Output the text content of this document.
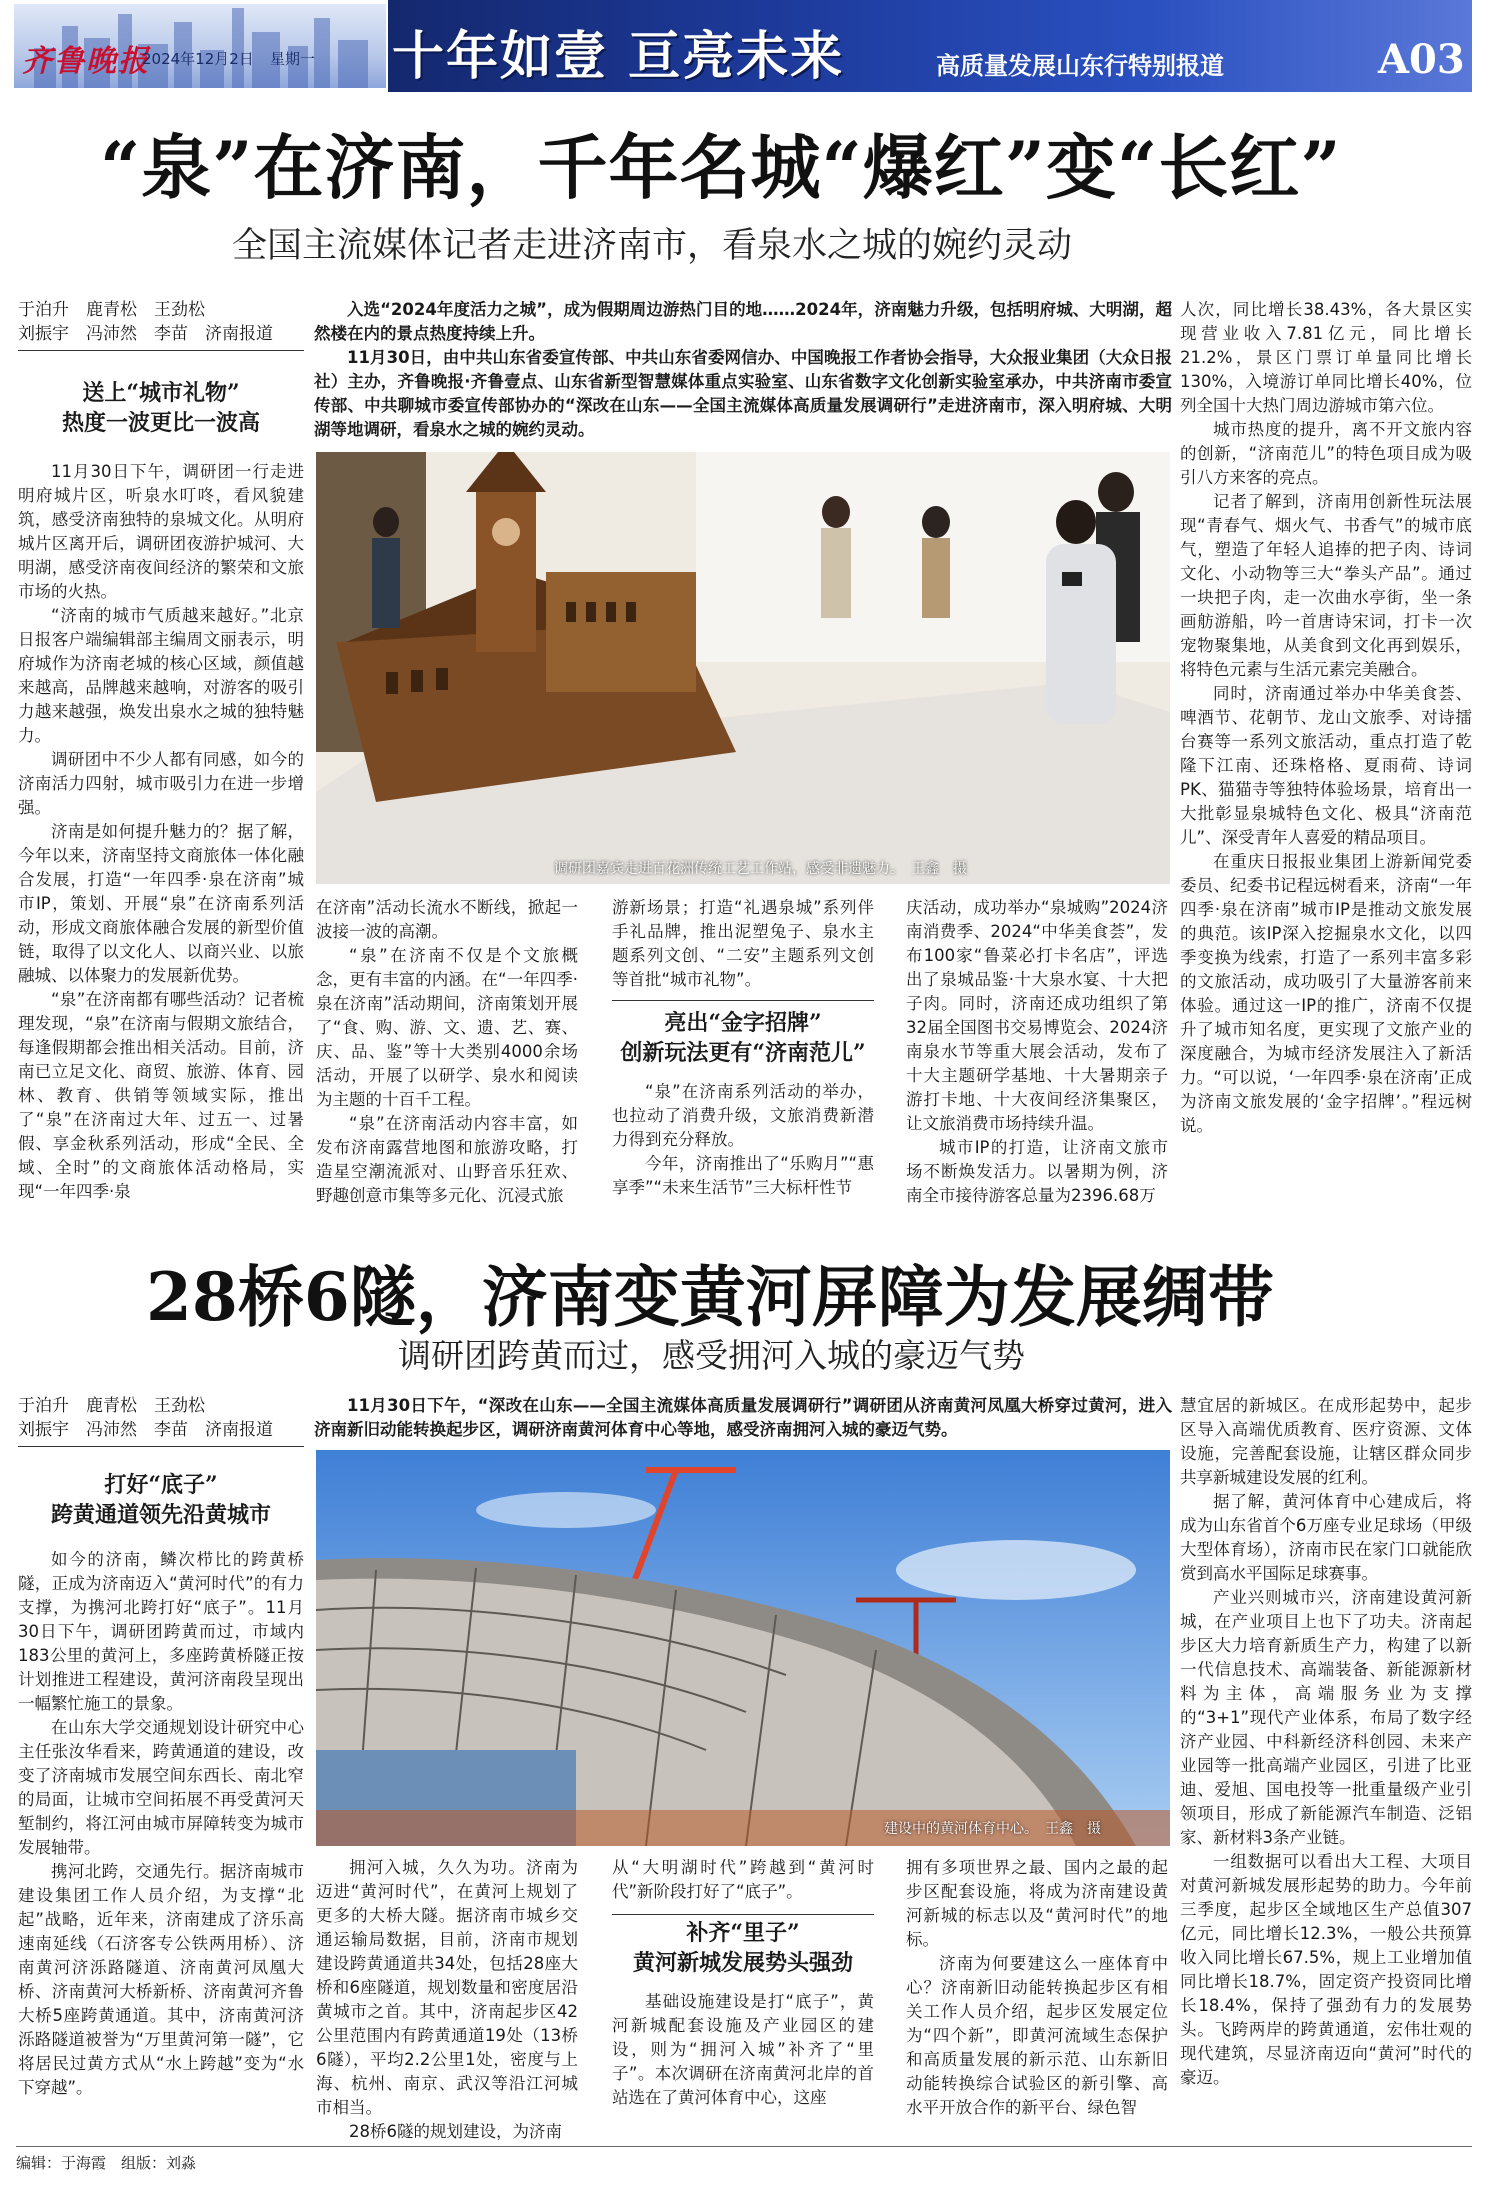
齐鲁晚报
2024年12月2日 星期一 十年如壹 亘亮未来	高质量发展山东行特别报道	A03
“泉”在济南，千年名城“爆红”变“长红”
全国主流媒体记者走进济南市，看泉水之城的婉约灵动
于泊升　鹿青松　王劲松
刘振宇　冯沛然　李苗　济南报道
送上“城市礼物”
热度一波更比一波高

11月30日下午，调研团一行走进明府城片区，听泉水叮咚，看风貌建筑，感受济南独特的泉城文化。从明府城片区离开后，调研团夜游护城河、大明湖，感受济南夜间经济的繁荣和文旅市场的火热。

“济南的城市气质越来越好。”北京日报客户端编辑部主编周文丽表示，明府城作为济南老城的核心区域，颜值越来越高，品牌越来越响，对游客的吸引力越来越强，焕发出泉水之城的独特魅力。

调研团中不少人都有同感，如今的济南活力四射，城市吸引力在进一步增强。

济南是如何提升魅力的？据了解，今年以来，济南坚持文商旅体一体化融合发展，打造“一年四季·泉在济南”城市IP，策划、开展“泉”在济南系列活动，形成文商旅体融合发展的新型价值链，取得了以文化人、以商兴业、以旅融城、以体聚力的发展新优势。

“泉”在济南都有哪些活动？记者梳理发现，“泉”在济南与假期文旅结合，每逢假期都会推出相关活动。目前，济南已立足文化、商贸、旅游、体育、园林、教育、供销等领域实际，推出了“泉”在济南过大年、过五一、过暑假、享金秋系列活动，形成“全民、全域、全时”的文商旅体活动格局，实现“一年四季·泉

入选“2024年度活力之城”，成为假期周边游热门目的地……2024年，济南魅力升级，包括明府城、大明湖，超然楼在内的景点热度持续上升。

11月30日，由中共山东省委宣传部、中共山东省委网信办、中国晚报工作者协会指导，大众报业集团（大众日报社）主办，齐鲁晚报·齐鲁壹点、山东省新型智慧媒体重点实验室、山东省数字文化创新实验室承办，中共济南市委宣传部、中共聊城市委宣传部协办的“深改在山东——全国主流媒体高质量发展调研行”走进济南市，深入明府城、大明湖等地调研，看泉水之城的婉约灵动。

调研团嘉宾走进百花洲传统工艺工作站，感受非遗魅力。　王鑫　摄

在济南”活动长流水不断线，掀起一波接一波的高潮。

“泉”在济南不仅是个文旅概念，更有丰富的内涵。在“一年四季·泉在济南”活动期间，济南策划开展了“食、购、游、文、遗、艺、赛、庆、品、鉴”等十大类别4000余场活动，开展了以研学、泉水和阅读为主题的十百千工程。

“泉”在济南活动内容丰富，如发布济南露营地图和旅游攻略，打造星空潮流派对、山野音乐狂欢、野趣创意市集等多元化、沉浸式旅

游新场景；打造“礼遇泉城”系列伴手礼品牌，推出泥塑兔子、泉水主题系列文创、“二安”主题系列文创等首批“城市礼物”。

亮出“金字招牌”
创新玩法更有“济南范儿”

“泉”在济南系列活动的举办，也拉动了消费升级，文旅消费新潜力得到充分释放。

今年，济南推出了“乐购月”“惠享季”“未来生活节”三大标杆性节

庆活动，成功举办“泉城购”2024济南消费季、2024“中华美食荟”，发布100家“鲁菜必打卡名店”，评选出了泉城品鉴·十大泉水宴、十大把子肉。同时，济南还成功组织了第32届全国图书交易博览会、2024济南泉水节等重大展会活动，发布了十大主题研学基地、十大暑期亲子游打卡地、十大夜间经济集聚区，让文旅消费市场持续升温。

城市IP的打造，让济南文旅市场不断焕发活力。以暑期为例，济南全市接待游客总量为2396.68万

人次，同比增长38.43%，各大景区实现营业收入7.81亿元，同比增长21.2%，景区门票订单量同比增长130%，入境游订单同比增长40%，位列全国十大热门周边游城市第六位。

城市热度的提升，离不开文旅内容的创新，“济南范儿”的特色项目成为吸引八方来客的亮点。

记者了解到，济南用创新性玩法展现“青春气、烟火气、书香气”的城市底气，塑造了年轻人追捧的把子肉、诗词文化、小动物等三大“拳头产品”。通过一块把子肉，走一次曲水亭街，坐一条画舫游船，吟一首唐诗宋词，打卡一次宠物聚集地，从美食到文化再到娱乐，将特色元素与生活元素完美融合。

同时，济南通过举办中华美食荟、啤酒节、花朝节、龙山文旅季、对诗擂台赛等一系列文旅活动，重点打造了乾隆下江南、还珠格格、夏雨荷、诗词PK、猫猫寺等独特体验场景，培育出一大批彰显泉城特色文化、极具“济南范儿”、深受青年人喜爱的精品项目。

在重庆日报报业集团上游新闻党委委员、纪委书记程远树看来，济南“一年四季·泉在济南”城市IP是推动文旅发展的典范。该IP深入挖掘泉水文化，以四季变换为线索，打造了一系列丰富多彩的文旅活动，成功吸引了大量游客前来体验。通过这一IP的推广，济南不仅提升了城市知名度，更实现了文旅产业的深度融合，为城市经济发展注入了新活力。“可以说，‘一年四季·泉在济南’正成为济南文旅发展的‘金字招牌’。”程远树说。

28桥6隧，济南变黄河屏障为发展绸带
调研团跨黄而过，感受拥河入城的豪迈气势
于泊升　鹿青松　王劲松
刘振宇　冯沛然　李苗　济南报道
打好“底子”
跨黄通道领先沿黄城市

如今的济南，鳞次栉比的跨黄桥隧，正成为济南迈入“黄河时代”的有力支撑，为携河北跨打好“底子”。11月30日下午，调研团跨黄而过，市域内183公里的黄河上，多座跨黄桥隧正按计划推进工程建设，黄河济南段呈现出一幅繁忙施工的景象。

在山东大学交通规划设计研究中心主任张汝华看来，跨黄通道的建设，改变了济南城市发展空间东西长、南北窄的局面，让城市空间拓展不再受黄河天堑制约，将江河由城市屏障转变为城市发展轴带。

携河北跨，交通先行。据济南城市建设集团工作人员介绍，为支撑“北起”战略，近年来，济南建成了济乐高速南延线（石济客专公铁两用桥）、济南黄河济泺路隧道、济南黄河凤凰大桥、济南黄河大桥新桥、济南黄河齐鲁大桥5座跨黄通道。其中，济南黄河济泺路隧道被誉为“万里黄河第一隧”，它将居民过黄方式从“水上跨越”变为“水下穿越”。

11月30日下午，“深改在山东——全国主流媒体高质量发展调研行”调研团从济南黄河凤凰大桥穿过黄河，进入济南新旧动能转换起步区，调研济南黄河体育中心等地，感受济南拥河入城的豪迈气势。

建设中的黄河体育中心。　王鑫　摄

拥河入城，久久为功。济南为迈进“黄河时代”，在黄河上规划了更多的大桥大隧。据济南市城乡交通运输局数据，目前，济南市规划建设跨黄通道共34处，包括28座大桥和6座隧道，规划数量和密度居沿黄城市之首。其中，济南起步区42公里范围内有跨黄通道19处（13桥6隧），平均2.2公里1处，密度与上海、杭州、南京、武汉等沿江河城市相当。

28桥6隧的规划建设，为济南

从“大明湖时代”跨越到“黄河时代”新阶段打好了“底子”。

补齐“里子”
黄河新城发展势头强劲

基础设施建设是打“底子”，黄河新城配套设施及产业园区的建设，则为“拥河入城”补齐了“里子”。本次调研在济南黄河北岸的首站选在了黄河体育中心，这座

拥有多项世界之最、国内之最的起步区配套设施，将成为济南建设黄河新城的标志以及“黄河时代”的地标。

济南为何要建这么一座体育中心？济南新旧动能转换起步区有相关工作人员介绍，起步区发展定位为“四个新”，即黄河流域生态保护和高质量发展的新示范、山东新旧动能转换综合试验区的新引擎、高水平开放合作的新平台、绿色智

慧宜居的新城区。在成形起势中，起步区导入高端优质教育、医疗资源、文体设施，完善配套设施，让辖区群众同步共享新城建设发展的红利。

据了解，黄河体育中心建成后，将成为山东省首个6万座专业足球场（甲级大型体育场），济南市民在家门口就能欣赏到高水平国际足球赛事。

产业兴则城市兴，济南建设黄河新城，在产业项目上也下了功夫。济南起步区大力培育新质生产力，构建了以新一代信息技术、高端装备、新能源新材料为主体，高端服务业为支撑的“3+1”现代产业体系，布局了数字经济产业园、中科新经济科创园、未来产业园等一批高端产业园区，引进了比亚迪、爱旭、国电投等一批重量级产业引领项目，形成了新能源汽车制造、泛铝家、新材料3条产业链。

一组数据可以看出大工程、大项目对黄河新城发展形起势的助力。今年前三季度，起步区全域地区生产总值307亿元，同比增长12.3%，一般公共预算收入同比增长67.5%，规上工业增加值同比增长18.7%，固定资产投资同比增长18.4%，保持了强劲有力的发展势头。飞跨两岸的跨黄通道，宏伟壮观的现代建筑，尽显济南迈向“黄河”时代的豪迈。

编辑：于海霞　组版：刘淼
